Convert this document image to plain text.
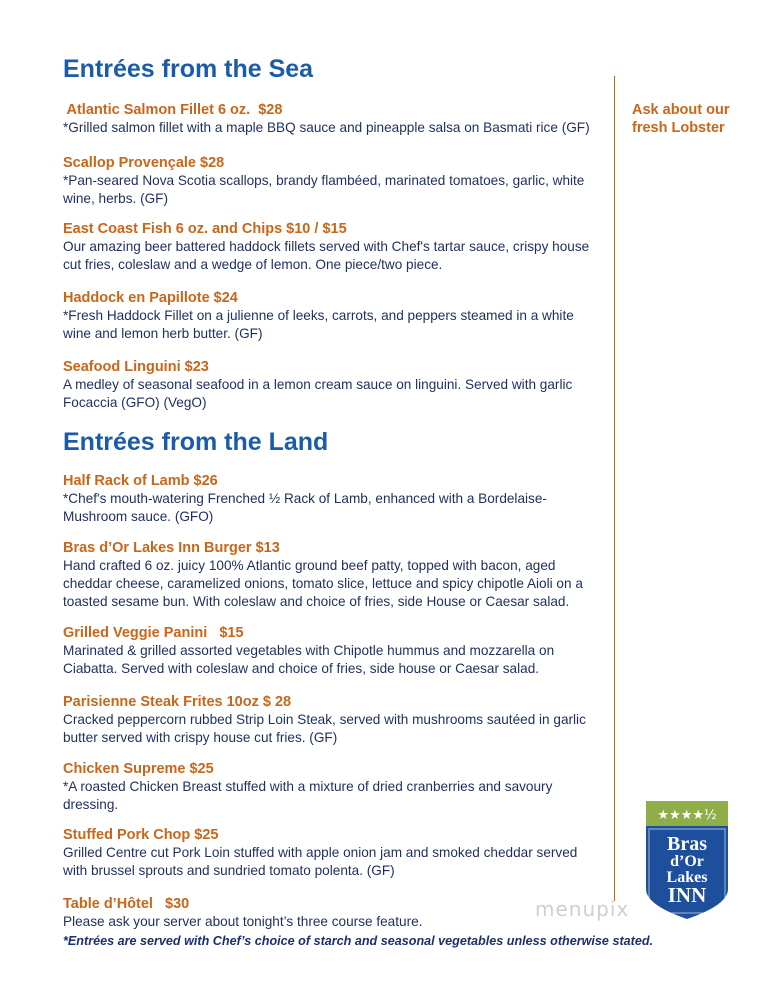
Entrées from the Sea
Atlantic Salmon Fillet 6 oz.  $28
*Grilled salmon fillet with a maple BBQ sauce and pineapple salsa on Basmati rice (GF)
Scallop Provençale $28
*Pan-seared Nova Scotia scallops, brandy flambéed, marinated tomatoes, garlic, white wine, herbs. (GF)
East Coast Fish 6 oz. and Chips $10 / $15
Our amazing beer battered haddock fillets served with Chef's tartar sauce, crispy house cut fries, coleslaw and a wedge of lemon. One piece/two piece.
Haddock en Papillote $24
*Fresh Haddock Fillet on a julienne of leeks, carrots, and peppers steamed in a white wine and lemon herb butter. (GF)
Seafood Linguini $23
A medley of seasonal seafood in a lemon cream sauce on linguini. Served with garlic Focaccia (GFO) (VegO)
Entrées from the Land
Half Rack of Lamb $26
*Chef's mouth-watering Frenched ½ Rack of Lamb, enhanced with a Bordelaise-Mushroom sauce. (GFO)
Bras d’Or Lakes Inn Burger $13
Hand crafted 6 oz. juicy 100% Atlantic ground beef patty, topped with bacon, aged cheddar cheese, caramelized onions, tomato slice, lettuce and spicy chipotle Aioli on a toasted sesame bun. With coleslaw and choice of fries, side House or Caesar salad.
Grilled Veggie Panini   $15
Marinated & grilled assorted vegetables with Chipotle hummus and mozzarella on Ciabatta. Served with coleslaw and choice of fries, side house or Caesar salad.
Parisienne Steak Frites 10oz $ 28
Cracked peppercorn rubbed Strip Loin Steak, served with mushrooms sautéed in garlic butter served with crispy house cut fries. (GF)
Chicken Supreme $25
*A roasted Chicken Breast stuffed with a mixture of dried cranberries and savoury dressing.
Stuffed Pork Chop $25
Grilled Centre cut Pork Loin stuffed with apple onion jam and smoked cheddar served with brussel sprouts and sundried tomato polenta. (GF)
Table d’Hôtel   $30
Please ask your server about tonight’s three course feature.
*Entrées are served with Chef’s choice of starch and seasonal vegetables unless otherwise stated.
Ask about our fresh Lobster
★★★★½
Bras
d’Or
Lakes
INN
menupix
